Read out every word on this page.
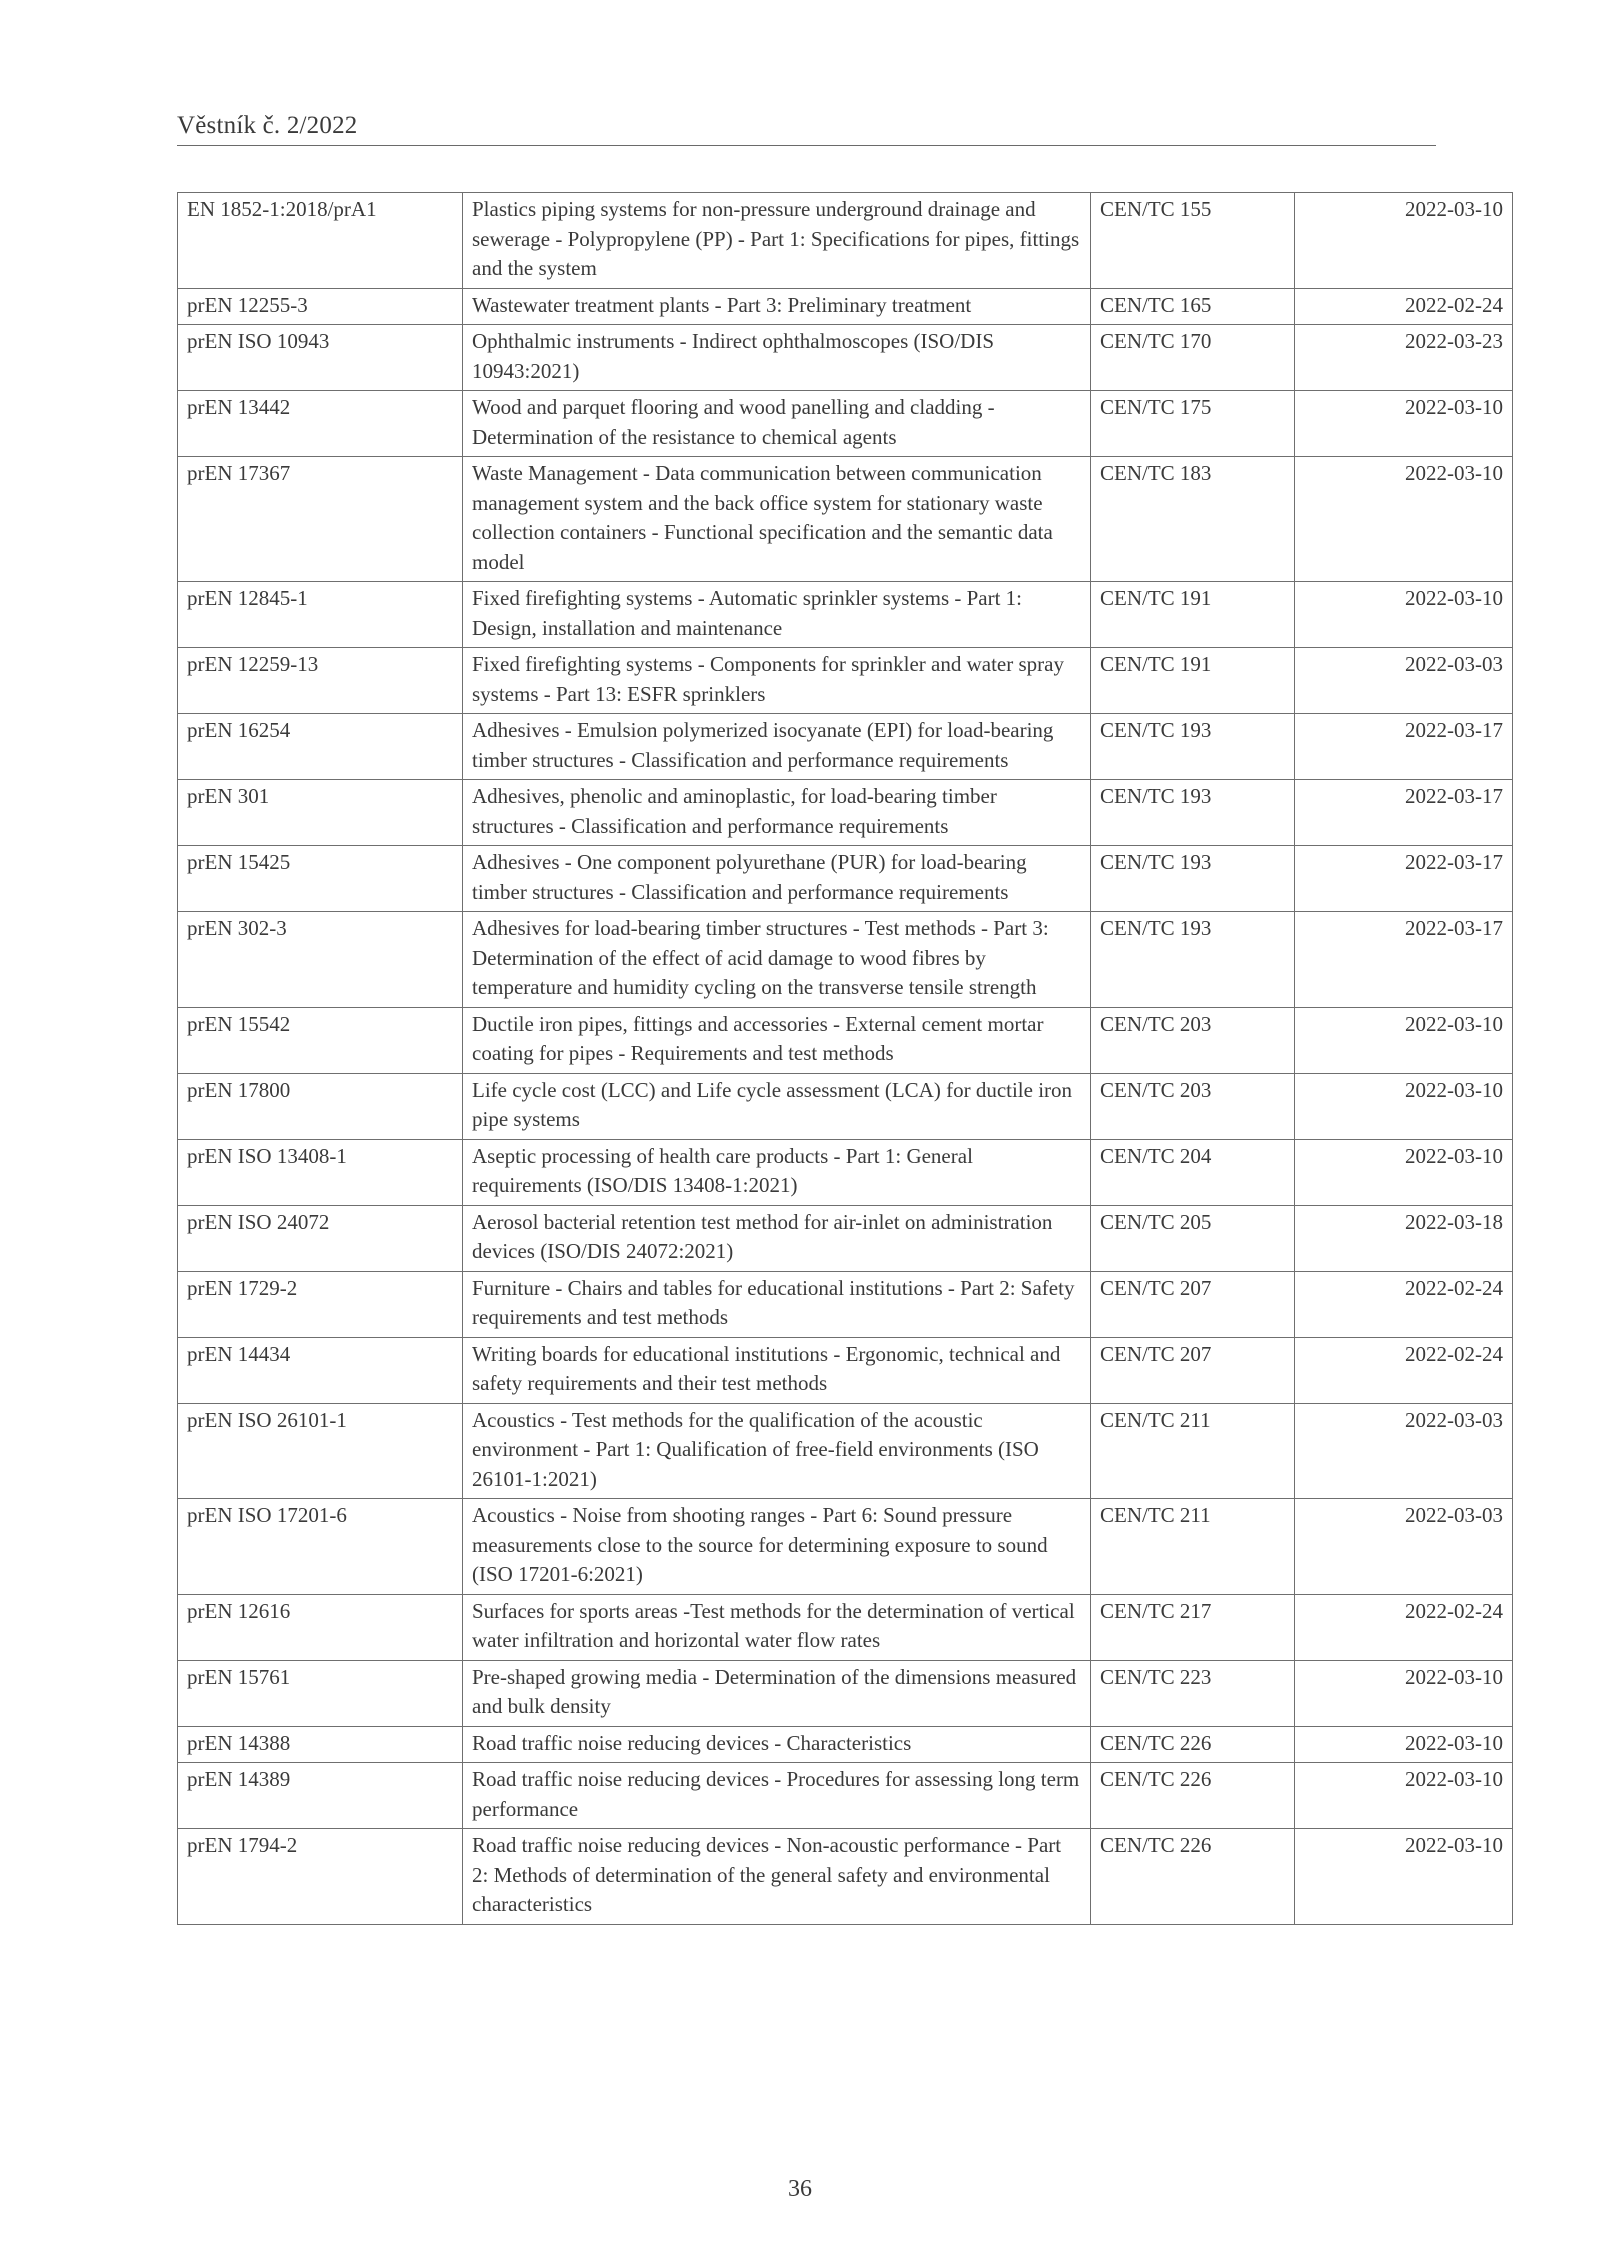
Věstník č. 2/2022
EN 1852-1:2018/prA1	Plastics piping systems for non-pressure underground drainage and sewerage - Polypropylene (PP) - Part 1: Specifications for pipes, fittings and the system	CEN/TC 155	2022-03-10
prEN 12255-3	Wastewater treatment plants - Part 3: Preliminary treatment	CEN/TC 165	2022-02-24
prEN ISO 10943	Ophthalmic instruments - Indirect ophthalmoscopes (ISO/DIS 10943:2021)	CEN/TC 170	2022-03-23
prEN 13442	Wood and parquet flooring and wood panelling and cladding - Determination of the resistance to chemical agents	CEN/TC 175	2022-03-10
prEN 17367	Waste Management - Data communication between communication management system and the back office system for stationary waste collection containers - Functional specification and the semantic data model	CEN/TC 183	2022-03-10
prEN 12845-1	Fixed firefighting systems - Automatic sprinkler systems - Part 1: Design, installation and maintenance	CEN/TC 191	2022-03-10
prEN 12259-13	Fixed firefighting systems - Components for sprinkler and water spray systems - Part 13: ESFR sprinklers	CEN/TC 191	2022-03-03
prEN 16254	Adhesives - Emulsion polymerized isocyanate (EPI) for load-bearing timber structures - Classification and performance requirements	CEN/TC 193	2022-03-17
prEN 301	Adhesives, phenolic and aminoplastic, for load-bearing timber structures - Classification and performance requirements	CEN/TC 193	2022-03-17
prEN 15425	Adhesives - One component polyurethane (PUR) for load-bearing timber structures - Classification and performance requirements	CEN/TC 193	2022-03-17
prEN 302-3	Adhesives for load-bearing timber structures - Test methods - Part 3: Determination of the effect of acid damage to wood fibres by temperature and humidity cycling on the transverse tensile strength	CEN/TC 193	2022-03-17
prEN 15542	Ductile iron pipes, fittings and accessories - External cement mortar coating for pipes - Requirements and test methods	CEN/TC 203	2022-03-10
prEN 17800	Life cycle cost (LCC) and Life cycle assessment (LCA) for ductile iron pipe systems	CEN/TC 203	2022-03-10
prEN ISO 13408-1	Aseptic processing of health care products - Part 1: General requirements (ISO/DIS 13408-1:2021)	CEN/TC 204	2022-03-10
prEN ISO 24072	Aerosol bacterial retention test method for air-inlet on administration devices (ISO/DIS 24072:2021)	CEN/TC 205	2022-03-18
prEN 1729-2	Furniture - Chairs and tables for educational institutions - Part 2: Safety requirements and test methods	CEN/TC 207	2022-02-24
prEN 14434	Writing boards for educational institutions - Ergonomic, technical and safety requirements and their test methods	CEN/TC 207	2022-02-24
prEN ISO 26101-1	Acoustics - Test methods for the qualification of the acoustic environment - Part 1: Qualification of free-field environments (ISO 26101-1:2021)	CEN/TC 211	2022-03-03
prEN ISO 17201-6	Acoustics - Noise from shooting ranges - Part 6: Sound pressure measurements close to the source for determining exposure to sound (ISO 17201-6:2021)	CEN/TC 211	2022-03-03
prEN 12616	Surfaces for sports areas -Test methods for the determination of vertical water infiltration and horizontal water flow rates	CEN/TC 217	2022-02-24
prEN 15761	Pre-shaped growing media - Determination of the dimensions measured and bulk density	CEN/TC 223	2022-03-10
prEN 14388	Road traffic noise reducing devices - Characteristics	CEN/TC 226	2022-03-10
prEN 14389	Road traffic noise reducing devices - Procedures for assessing long term performance	CEN/TC 226	2022-03-10
prEN 1794-2	Road traffic noise reducing devices - Non-acoustic performance - Part 2: Methods of determination of the general safety and environmental characteristics	CEN/TC 226	2022-03-10
36
